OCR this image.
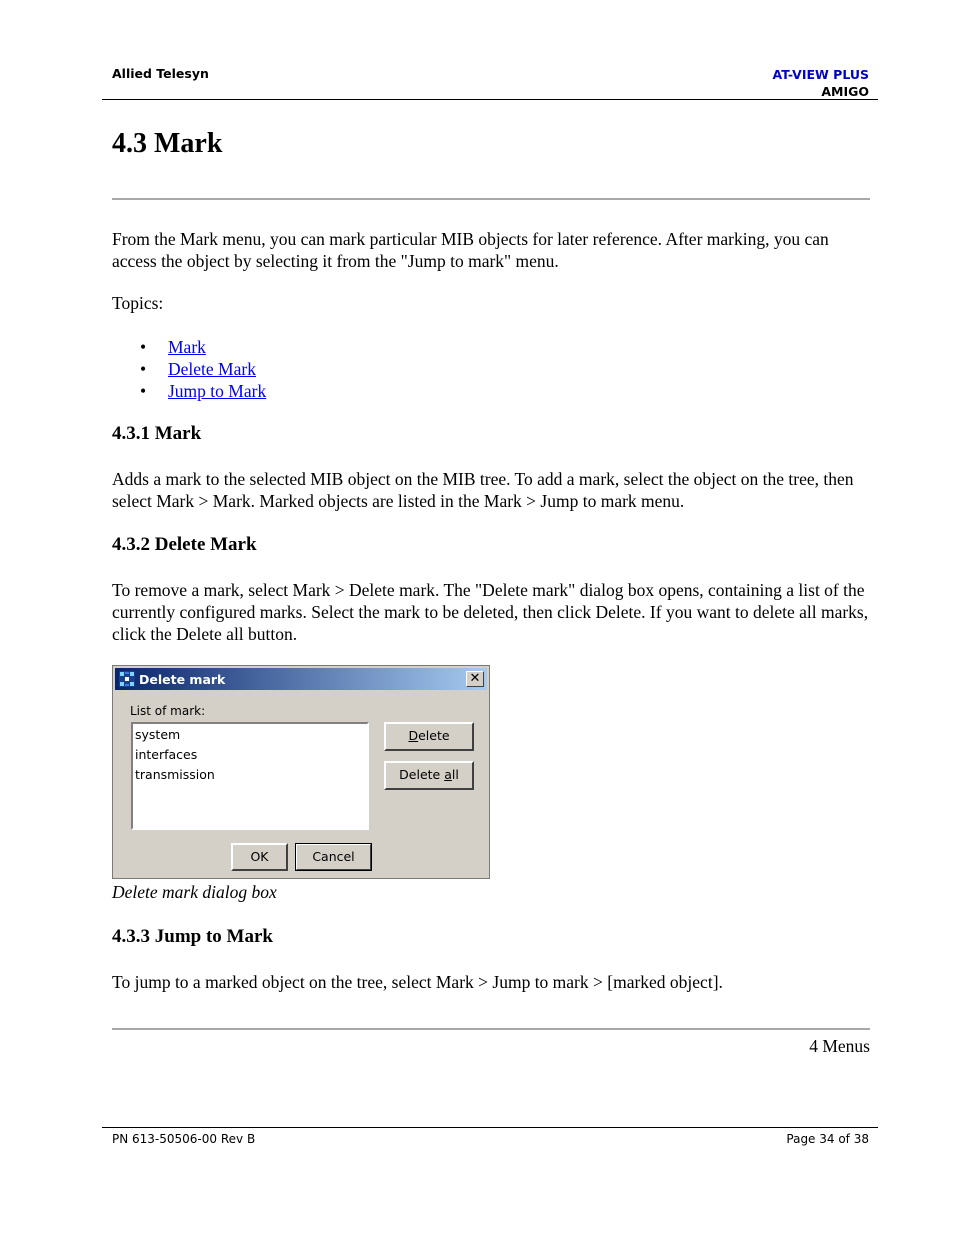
Allied Telesyn	AT-VIEW PLUS
AMIGO
4.3 Mark

From the Mark menu, you can mark particular MIB objects for later reference. After marking, you can access the object by selecting it from the "Jump to mark" menu.

Topics:

• Mark
• Delete Mark
• Jump to Mark
4.3.1 Mark

Adds a mark to the selected MIB object on the MIB tree. To add a mark, select the object on the tree, then select Mark > Mark. Marked objects are listed in the Mark > Jump to mark menu.

4.3.2 Delete Mark

To remove a mark, select Mark > Delete mark. The "Delete mark" dialog box opens, containing a list of the currently configured marks. Select the mark to be deleted, then click Delete. If you want to delete all marks, click the Delete all button.

Delete mark	✕
List of mark:
system
interfaces
transmission
Delete
Delete all
OK	Cancel

Delete mark dialog box

4.3.3 Jump to Mark

To jump to a marked object on the tree, select Mark > Jump to mark > [marked object].

4 Menus
PN 613-50506-00 Rev B	Page 34 of 38
